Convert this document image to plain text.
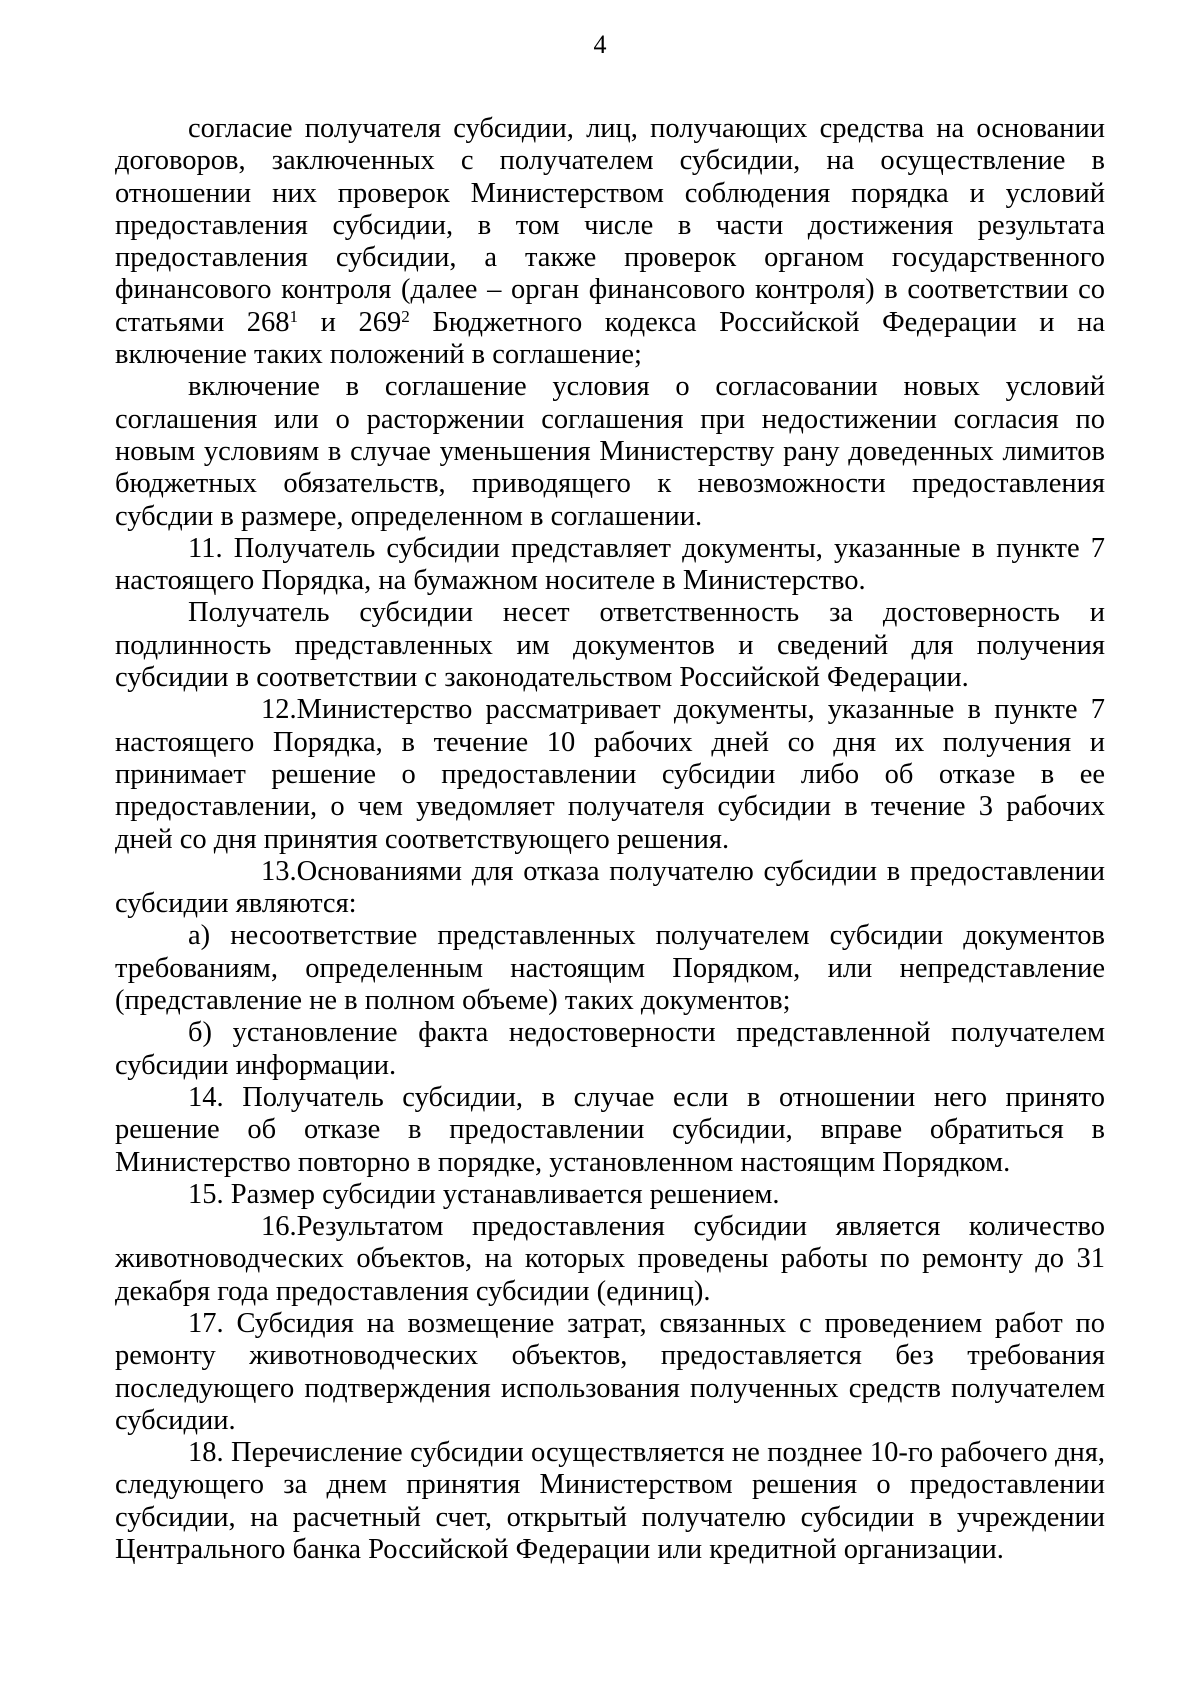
4

согласие получателя субсидии, лиц, получающих средства на основании договоров, заключенных с получателем субсидии, на осуществление в отношении них проверок Министерством соблюдения порядка и условий предоставления субсидии, в том числе в части достижения результата предоставления субсидии, а также проверок органом государственного финансового контроля (далее – орган финансового контроля) в соответствии со статьями $268^1$ и $269^2$ Бюджетного кодекса Российской Федерации и на включение таких положений в соглашение;

включение в соглашение условия о согласовании новых условий соглашения или о расторжении соглашения при недостижении согласия по новым условиям в случае уменьшения Министерству рану доведенных лимитов бюджетных обязательств, приводящего к невозможности предоставления субсдии в размере, определенном в соглашении.

11. Получатель субсидии представляет документы, указанные в пункте 7 настоящего Порядка, на бумажном носителе в Министерство.

Получатель субсидии несет ответственность за достоверность и подлинность представленных им документов и сведений для получения субсидии в соответствии с законодательством Российской Федерации.

12.Министерство рассматривает документы, указанные в пункте 7 настоящего Порядка, в течение 10 рабочих дней со дня их получения и принимает решение о предоставлении субсидии либо об отказе в ее предоставлении, о чем уведомляет получателя субсидии в течение 3 рабочих дней со дня принятия соответствующего решения.

13.Основаниями для отказа получателю субсидии в предоставлении субсидии являются:

а) несоответствие представленных получателем субсидии документов требованиям, определенным настоящим Порядком, или непредставление (представление не в полном объеме) таких документов;

б) установление факта недостоверности представленной получателем субсидии информации.

14. Получатель субсидии, в случае если в отношении него принято решение об отказе в предоставлении субсидии, вправе обратиться в Министерство повторно в порядке, установленном настоящим Порядком.

15. Размер субсидии устанавливается решением.

16.Результатом предоставления субсидии является количество животноводческих объектов, на которых проведены работы по ремонту до 31 декабря года предоставления субсидии (единиц).

17. Субсидия на возмещение затрат, связанных с проведением работ по ремонту животноводческих объектов, предоставляется без требования последующего подтверждения использования полученных средств получателем субсидии.

18. Перечисление субсидии осуществляется не позднее 10-го рабочего дня, следующего за днем принятия Министерством решения о предоставлении субсидии, на расчетный счет, открытый получателю субсидии в учреждении Центрального банка Российской Федерации или кредитной организации.
